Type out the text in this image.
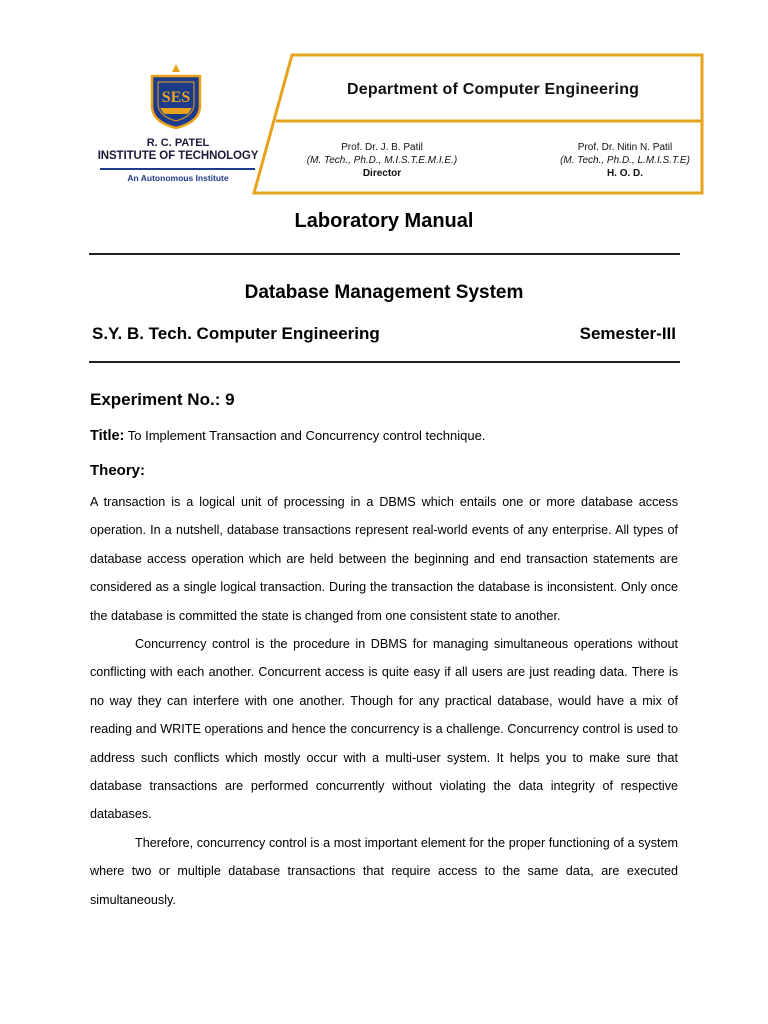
SES
R. C. PATEL
INSTITUTE OF TECHNOLOGY
An Autonomous Institute
Department of Computer Engineering
Prof. Dr. J. B. Patil
(M. Tech., Ph.D., M.I.S.T.E.M.I.E.)
Director
Prof. Dr. Nitin N. Patil
(M. Tech., Ph.D., L.M.I.S.T.E)
H. O. D.
Laboratory Manual
Database Management System
S.Y. B. Tech. Computer Engineering	Semester-III
Experiment No.: 9
Title: To Implement Transaction and Concurrency control technique.
Theory:

A transaction is a logical unit of processing in a DBMS which entails one or more database access operation. In a nutshell, database transactions represent real-world events of any enterprise. All types of database access operation which are held between the beginning and end transaction statements are considered as a single logical transaction. During the transaction the database is inconsistent. Only once the database is committed the state is changed from one consistent state to another.

Concurrency control is the procedure in DBMS for managing simultaneous operations without conflicting with each another. Concurrent access is quite easy if all users are just reading data. There is no way they can interfere with one another. Though for any practical database, would have a mix of reading and WRITE operations and hence the concurrency is a challenge. Concurrency control is used to address such conflicts which mostly occur with a multi-user system. It helps you to make sure that database transactions are performed concurrently without violating the data integrity of respective databases.

Therefore, concurrency control is a most important element for the proper functioning of a system where two or multiple database transactions that require access to the same data, are executed simultaneously.
